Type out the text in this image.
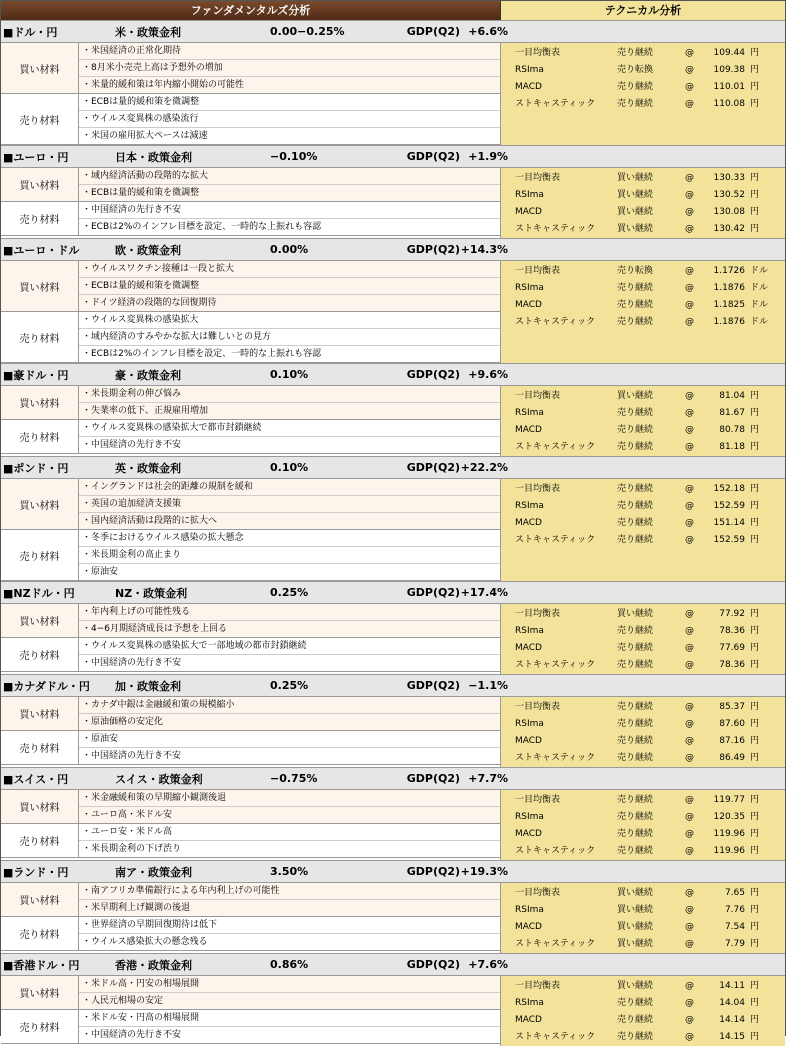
ファンダメンタルズ分析	テクニカル分析
■ドル・円	米・政策金利	0.00−0.25%	GDP(Q2) +6.6%
買い材料
・米国経済の正常化期待
・8月米小売売上高は予想外の増加
・米量的緩和策は年内縮小開始の可能性
売り材料
・ECBは量的緩和策を微調整
・ウイルス変異株の感染流行
・米国の雇用拡大ペースは減速
一目均衡表	売り継続	@	109.44 円
RSIma	売り転換	@	109.38 円
MACD	売り継続	@	110.01 円
ストキャスティック	売り継続	@	110.08 円
■ユーロ・円	日本・政策金利	−0.10%	GDP(Q2) +1.9%
買い材料
・域内経済活動の段階的な拡大
・ECBは量的緩和策を微調整
売り材料
・中国経済の先行き不安
・ECBは2%のインフレ目標を設定、一時的な上振れも容認
一目均衡表	買い継続	@	130.33 円
RSIma	買い継続	@	130.52 円
MACD	買い継続	@	130.08 円
ストキャスティック	買い継続	@	130.42 円
■ユーロ・ドル	欧・政策金利	0.00%	GDP(Q2) +14.3%
買い材料
・ウイルスワクチン接種は一段と拡大
・ECBは量的緩和策を微調整
・ドイツ経済の段階的な回復期待
売り材料
・ウイルス変異株の感染拡大
・域内経済のすみやかな拡大は難しいとの見方
・ECBは2%のインフレ目標を設定、一時的な上振れも容認
一目均衡表	売り転換	@	1.1726 ドル
RSIma	売り継続	@	1.1876 ドル
MACD	売り継続	@	1.1825 ドル
ストキャスティック	売り継続	@	1.1876 ドル
■豪ドル・円	豪・政策金利	0.10%	GDP(Q2) +9.6%
買い材料
・米長期金利の伸び悩み
・失業率の低下、正規雇用増加
売り材料
・ウイルス変異株の感染拡大で都市封鎖継続
・中国経済の先行き不安
一目均衡表	買い継続	@	81.04 円
RSIma	売り継続	@	81.67 円
MACD	売り継続	@	80.78 円
ストキャスティック	売り継続	@	81.18 円
■ポンド・円	英・政策金利	0.10%	GDP(Q2) +22.2%
買い材料
・イングランドは社会的距離の規制を緩和
・英国の追加経済支援策
・国内経済活動は段階的に拡大へ
売り材料
・冬季におけるウイルス感染の拡大懸念
・米長期金利の高止まり
・原油安
一目均衡表	売り継続	@	152.18 円
RSIma	売り継続	@	152.59 円
MACD	売り継続	@	151.14 円
ストキャスティック	売り継続	@	152.59 円
■NZドル・円	NZ・政策金利	0.25%	GDP(Q2) +17.4%
買い材料
・年内利上げの可能性残る
・4−6月期経済成長は予想を上回る
売り材料
・ウイルス変異株の感染拡大で一部地域の都市封鎖継続
・中国経済の先行き不安
一目均衡表	買い継続	@	77.92 円
RSIma	売り継続	@	78.36 円
MACD	売り継続	@	77.69 円
ストキャスティック	売り継続	@	78.36 円
■カナダドル・円	加・政策金利	0.25%	GDP(Q2) −1.1%
買い材料
・カナダ中銀は金融緩和策の規模縮小
・原油価格の安定化
売り材料
・原油安
・中国経済の先行き不安
一目均衡表	売り継続	@	85.37 円
RSIma	売り継続	@	87.60 円
MACD	売り継続	@	87.16 円
ストキャスティック	売り継続	@	86.49 円
■スイス・円	スイス・政策金利	−0.75%	GDP(Q2) +7.7%
買い材料
・米金融緩和策の早期縮小観測後退
・ユーロ高・米ドル安
売り材料
・ユーロ安・米ドル高
・米長期金利の下げ渋り
一目均衡表	売り継続	@	119.77 円
RSIma	売り継続	@	120.35 円
MACD	売り継続	@	119.96 円
ストキャスティック	売り継続	@	119.96 円
■ランド・円	南ア・政策金利	3.50%	GDP(Q2) +19.3%
買い材料
・南アフリカ準備銀行による年内利上げの可能性
・米早期利上げ観測の後退
売り材料
・世界経済の早期回復期待は低下
・ウイルス感染拡大の懸念残る
一目均衡表	買い継続	@	7.65 円
RSIma	買い継続	@	7.76 円
MACD	買い継続	@	7.54 円
ストキャスティック	買い継続	@	7.79 円
■香港ドル・円	香港・政策金利	0.86%	GDP(Q2) +7.6%
買い材料
・米ドル高・円安の相場展開
・人民元相場の安定
売り材料
・米ドル安・円高の相場展開
・中国経済の先行き不安
一目均衡表	買い継続	@	14.11 円
RSIma	売り継続	@	14.04 円
MACD	売り継続	@	14.14 円
ストキャスティック	売り継続	@	14.15 円
